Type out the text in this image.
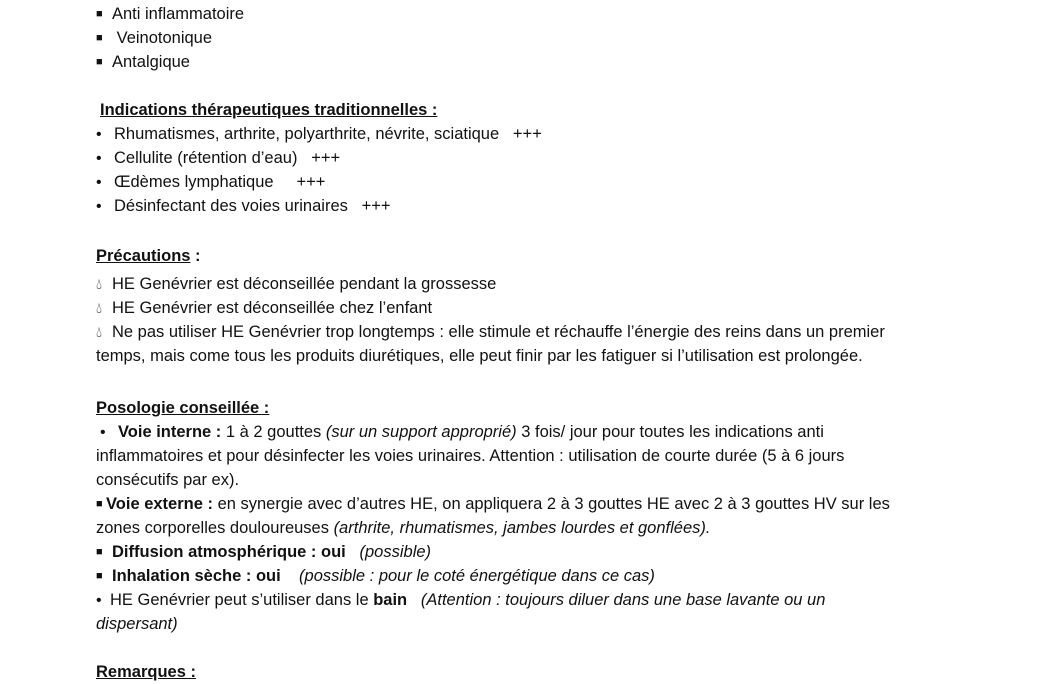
■ Anti inflammatoire
■ Veinotonique
■ Antalgique
Indications thérapeutiques traditionnelles :
• Rhumatismes, arthrite, polyarthrite, névrite, sciatique +++
• Cellulite (rétention d’eau) +++
• Œdèmes lymphatique +++
• Désinfectant des voies urinaires +++
Précautions :
💧︎ HE Genévrier est déconseillée pendant la grossesse
💧︎ HE Genévrier est déconseillée chez l’enfant
💧︎ Ne pas utiliser HE Genévrier trop longtemps : elle stimule et réchauffe l’énergie des reins dans un premier
temps, mais come tous les produits diurétiques, elle peut finir par les fatiguer si l’utilisation est prolongée.
Posologie conseillée :
• Voie interne : 1 à 2 gouttes (sur un support approprié) 3 fois/ jour pour toutes les indications anti
inflammatoires et pour désinfecter les voies urinaires. Attention : utilisation de courte durée (5 à 6 jours
consécutifs par ex).
■ Voie externe : en synergie avec d’autres HE, on appliquera 2 à 3 gouttes HE avec 2 à 3 gouttes HV sur les
zones corporelles douloureuses (arthrite, rhumatismes, jambes lourdes et gonflées).
■ Diffusion atmosphérique : oui (possible)
■ Inhalation sèche : oui (possible : pour le coté énergétique dans ce cas)
• HE Genévrier peut s’utiliser dans le bain (Attention : toujours diluer dans une base lavante ou un
dispersant)
Remarques :
